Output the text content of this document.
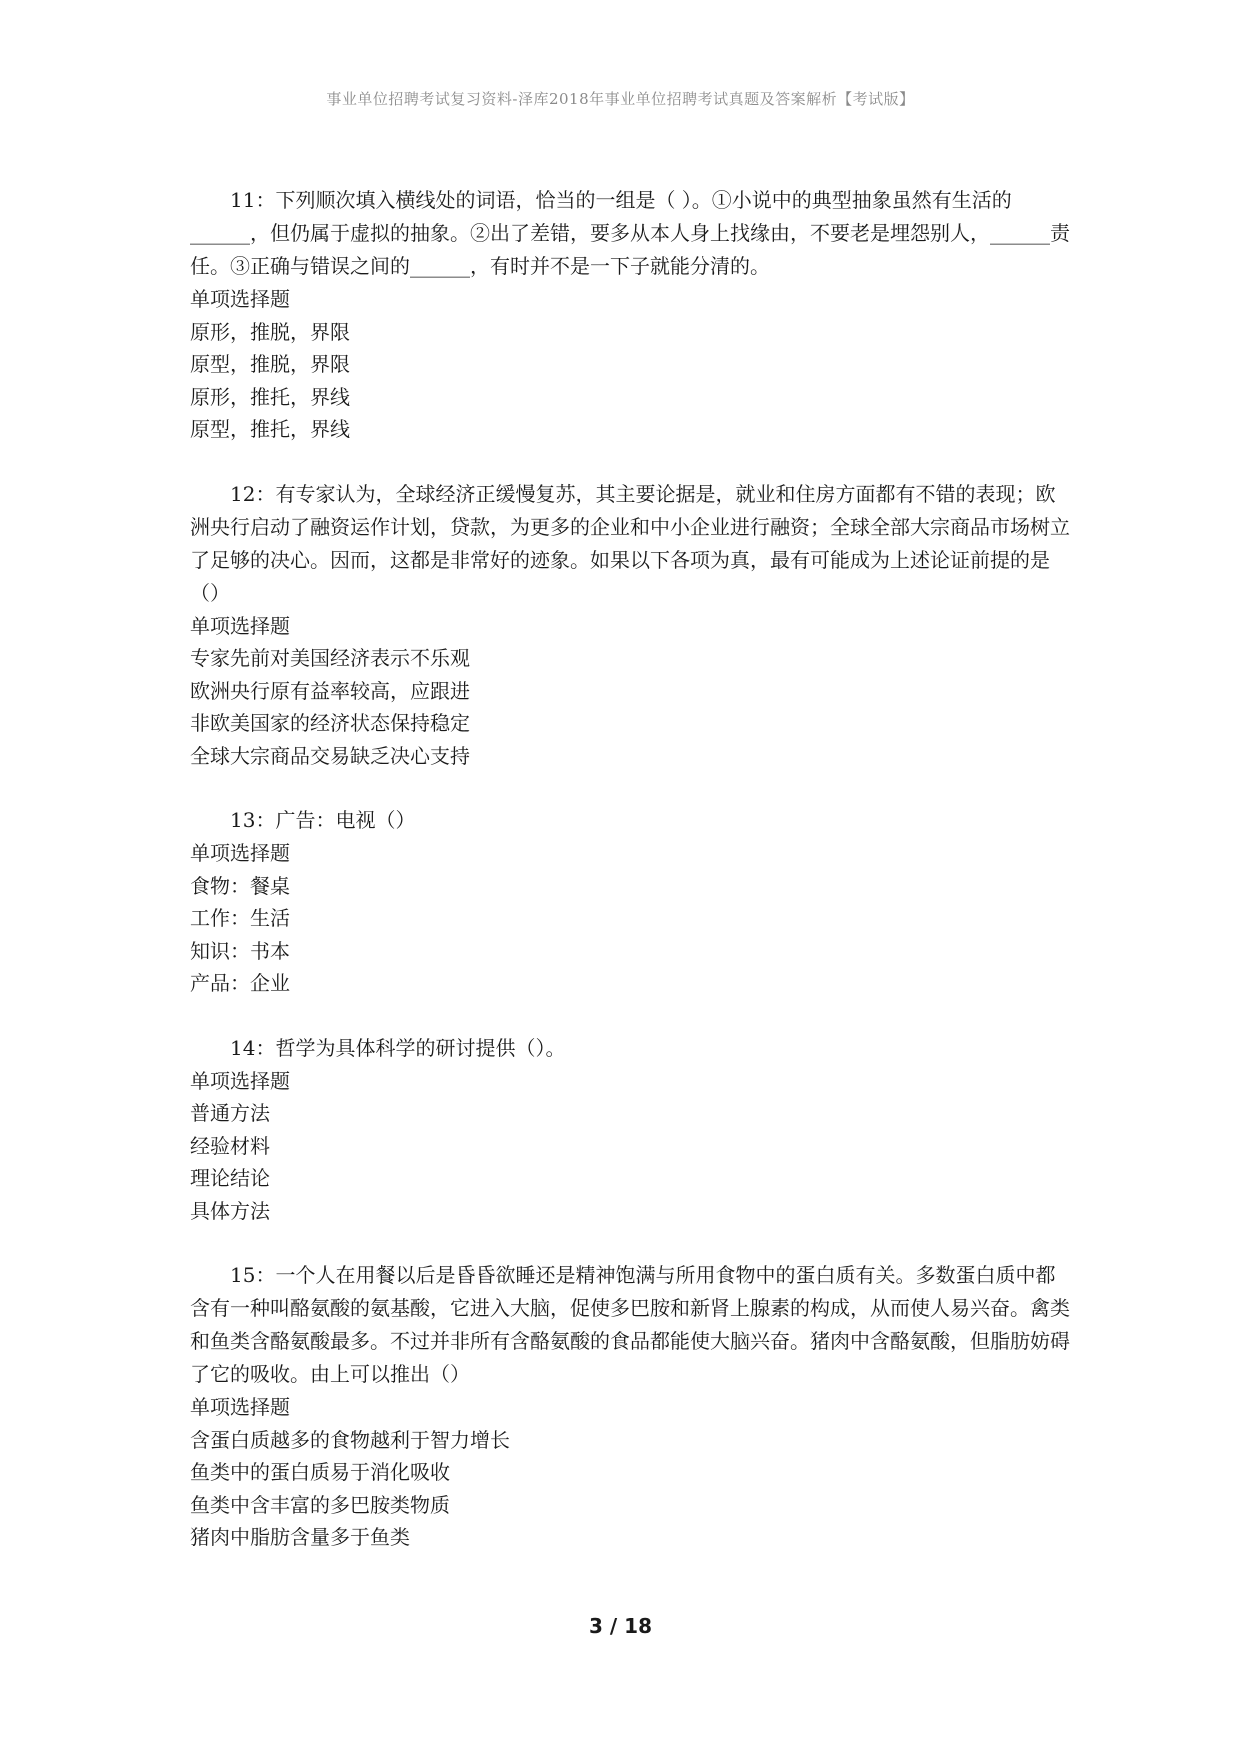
事业单位招聘考试复习资料-泽库2018年事业单位招聘考试真题及答案解析【考试版】

11：下列顺次填入横线处的词语，恰当的一组是（ ）。①小说中的典型抽象虽然有生活的______，但仍属于虚拟的抽象。②出了差错，要多从本人身上找缘由，不要老是埋怨别人，______责任。③正确与错误之间的______，有时并不是一下子就能分清的。

单项选择题

原形，推脱，界限

原型，推脱，界限

原形，推托，界线

原型，推托，界线

12：有专家认为，全球经济正缓慢复苏，其主要论据是，就业和住房方面都有不错的表现；欧洲央行启动了融资运作计划，贷款，为更多的企业和中小企业进行融资；全球全部大宗商品市场树立了足够的决心。因而，这都是非常好的迹象。如果以下各项为真，最有可能成为上述论证前提的是（）

单项选择题

专家先前对美国经济表示不乐观

欧洲央行原有益率较高，应跟进

非欧美国家的经济状态保持稳定

全球大宗商品交易缺乏决心支持

13：广告：电视（）

单项选择题

食物：餐桌

工作：生活

知识：书本

产品：企业

14：哲学为具体科学的研讨提供（）。

单项选择题

普通方法

经验材料

理论结论

具体方法

15：一个人在用餐以后是昏昏欲睡还是精神饱满与所用食物中的蛋白质有关。多数蛋白质中都含有一种叫酪氨酸的氨基酸，它进入大脑，促使多巴胺和新肾上腺素的构成，从而使人易兴奋。禽类和鱼类含酪氨酸最多。不过并非所有含酪氨酸的食品都能使大脑兴奋。猪肉中含酪氨酸，但脂肪妨碍了它的吸收。由上可以推出（）

单项选择题

含蛋白质越多的食物越利于智力增长

鱼类中的蛋白质易于消化吸收

鱼类中含丰富的多巴胺类物质

猪肉中脂肪含量多于鱼类

3 / 18
